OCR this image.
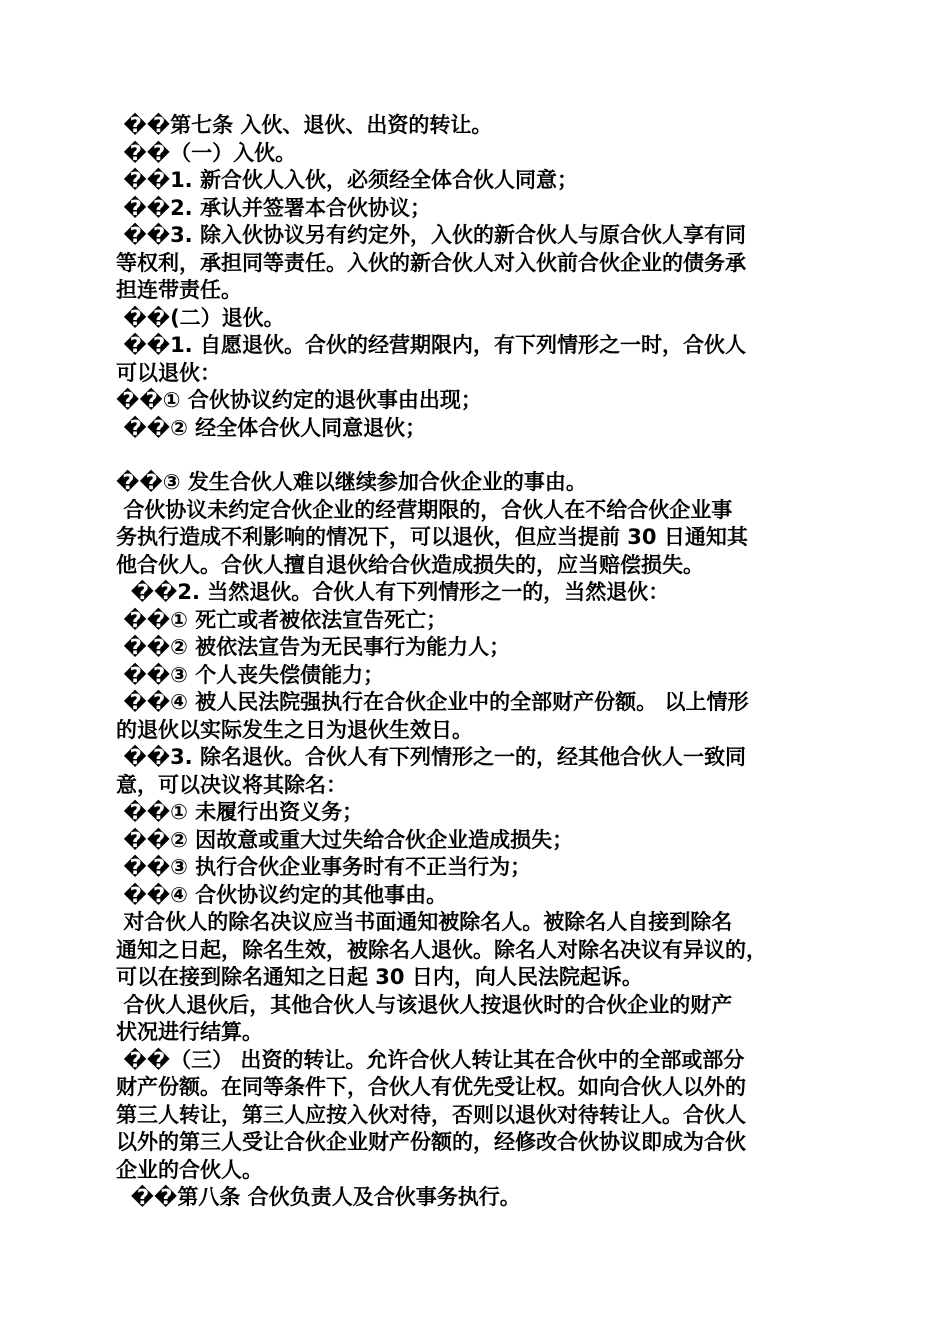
��第七条 入伙、退伙、出资的转让。
��（一）入伙。
��1. 新合伙人入伙，必须经全体合伙人同意；
��2. 承认并签署本合伙协议；
��3. 除入伙协议另有约定外，入伙的新合伙人与原合伙人享有同
等权利，承担同等责任。入伙的新合伙人对入伙前合伙企业的债务承
担连带责任。
��(二）退伙。
��1. 自愿退伙。合伙的经营期限内，有下列情形之一时，合伙人
可以退伙：
��① 合伙协议约定的退伙事由出现；
��② 经全体合伙人同意退伙；
��③ 发生合伙人难以继续参加合伙企业的事由。
合伙协议未约定合伙企业的经营期限的，合伙人在不给合伙企业事
务执行造成不利影响的情况下，可以退伙，但应当提前 30 日通知其
他合伙人。合伙人擅自退伙给合伙造成损失的，应当赔偿损失。
��2. 当然退伙。合伙人有下列情形之一的，当然退伙：
��① 死亡或者被依法宣告死亡；
��② 被依法宣告为无民事行为能力人；
��③ 个人丧失偿债能力；
��④ 被人民法院强执行在合伙企业中的全部财产份额。 以上情形
的退伙以实际发生之日为退伙生效日。
��3. 除名退伙。合伙人有下列情形之一的，经其他合伙人一致同
意，可以决议将其除名：
��① 未履行出资义务；
��② 因故意或重大过失给合伙企业造成损失；
��③ 执行合伙企业事务时有不正当行为；
��④ 合伙协议约定的其他事由。
对合伙人的除名决议应当书面通知被除名人。被除名人自接到除名
通知之日起，除名生效，被除名人退伙。除名人对除名决议有异议的，
可以在接到除名通知之日起 30 日内，向人民法院起诉。
合伙人退伙后，其他合伙人与该退伙人按退伙时的合伙企业的财产
状况进行结算。
��（三） 出资的转让。允许合伙人转让其在合伙中的全部或部分
财产份额。在同等条件下，合伙人有优先受让权。如向合伙人以外的
第三人转让，第三人应按入伙对待，否则以退伙对待转让人。合伙人
以外的第三人受让合伙企业财产份额的，经修改合伙协议即成为合伙
企业的合伙人。
��第八条 合伙负责人及合伙事务执行。
